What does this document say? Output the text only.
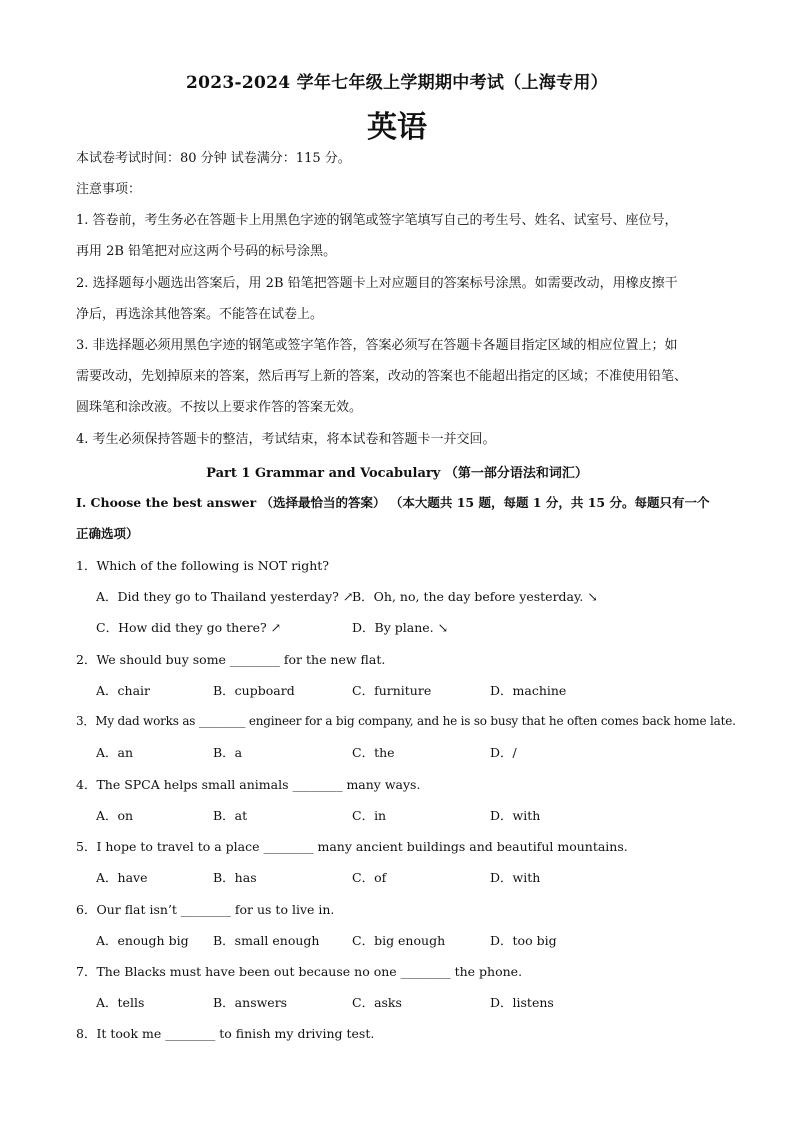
2023-2024 学年七年级上学期期中考试（上海专用）
英语
本试卷考试时间：80 分钟 试卷满分：115 分。
注意事项：
1. 答卷前，考生务必在答题卡上用黑色字迹的钢笔或签字笔填写自己的考生号、姓名、试室号、座位号，
再用 2B 铅笔把对应这两个号码的标号涂黑。
2. 选择题每小题选出答案后，用 2B 铅笔把答题卡上对应题目的答案标号涂黑。如需要改动，用橡皮擦干
净后，再选涂其他答案。不能答在试卷上。
3. 非选择题必须用黑色字迹的钢笔或签字笔作答，答案必须写在答题卡各题目指定区域的相应位置上；如
需要改动，先划掉原来的答案，然后再写上新的答案，改动的答案也不能超出指定的区域；不准使用铅笔、
圆珠笔和涂改液。不按以上要求作答的答案无效。
4. 考生必须保持答题卡的整洁，考试结束，将本试卷和答题卡一并交回。
Part 1 Grammar and Vocabulary （第一部分语法和词汇）
I. Choose the best answer （选择最恰当的答案） （本大题共 15 题，每题 1 分，共 15 分。每题只有一个
正确选项）
1．Which of the following is NOT right?
A．Did they go to Thailand yesterday? ↗
B．Oh, no, the day before yesterday. ↘
C．How did they go there? ↗	D．By plane. ↘
2．We should buy some ________ for the new flat.
A．chair	B．cupboard	C．furniture	D．machine
3．My dad works as ________ engineer for a big company, and he is so busy that he often comes back home late.
A．an	B．a	C．the	D．/
4．The SPCA helps small animals ________ many ways.
A．on	B．at	C．in	D．with
5．I hope to travel to a place ________ many ancient buildings and beautiful mountains.
A．have	B．has	C．of	D．with
6．Our flat isn’t ________ for us to live in.
A．enough big B．small enough	C．big enough	D．too big
7．The Blacks must have been out because no one ________ the phone.
A．tells	B．answers	C．asks	D．listens
8．It took me ________ to finish my driving test.
